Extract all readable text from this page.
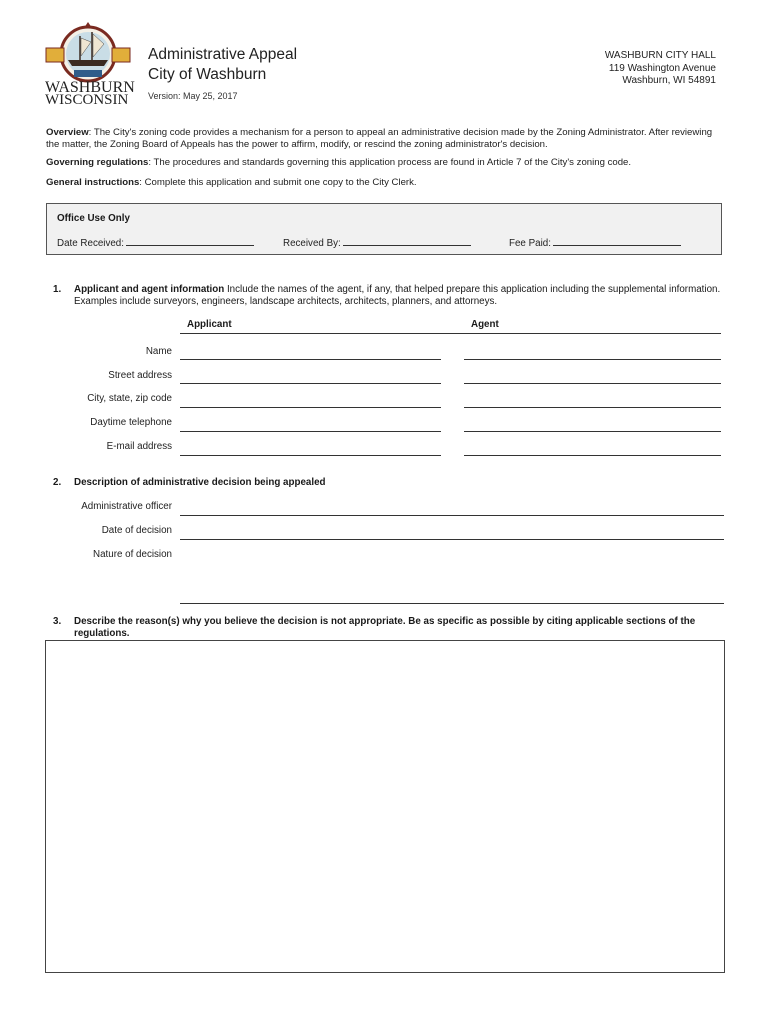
WASHBURN
WISCONSIN
Administrative Appeal
City of Washburn
Version: May 25, 2017
WASHBURN CITY HALL
119 Washington Avenue
Washburn, WI 54891
Overview: The City's zoning code provides a mechanism for a person to appeal an administrative decision made by the Zoning Administrator. After reviewing the matter, the Zoning Board of Appeals has the power to affirm, modify, or rescind the zoning administrator's decision.
Governing regulations: The procedures and standards governing this application process are found in Article 7 of the City's zoning code.
General instructions: Complete this application and submit one copy to the City Clerk.
Office Use Only
Date Received:	Received By:	Fee Paid:
1. Applicant and agent information Include the names of the agent, if any, that helped prepare this application including the supplemental information. Examples include surveyors, engineers, landscape architects, architects, planners, and attorneys.
Applicant	Agent
Name
Street address
City, state, zip code
Daytime telephone
E-mail address
2. Description of administrative decision being appealed
Administrative officer
Date of decision
Nature of decision
3. Describe the reason(s) why you believe the decision is not appropriate. Be as specific as possible by citing applicable sections of the regulations.
